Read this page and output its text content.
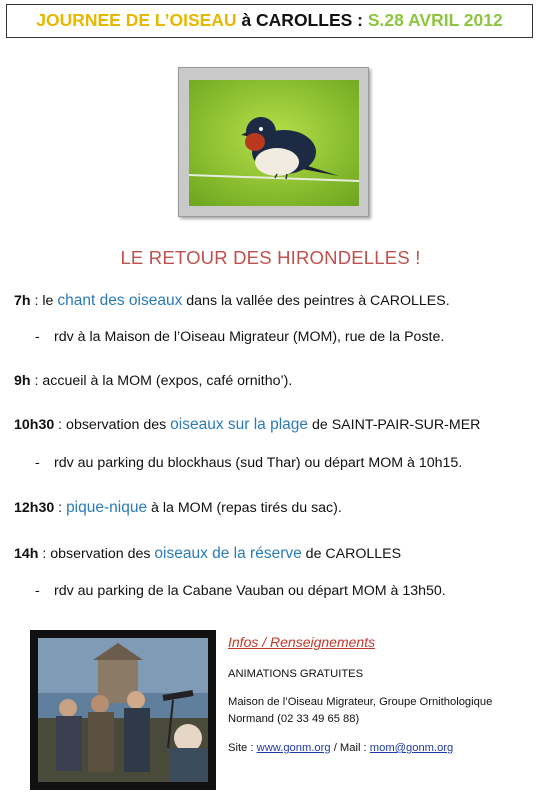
JOURNEE DE L’OISEAU à CAROLLES : S.28 AVRIL 2012
LE RETOUR DES HIRONDELLES !
7h : le chant des oiseaux dans la vallée des peintres à CAROLLES.
- rdv à la Maison de l’Oiseau Migrateur (MOM), rue de la Poste.
9h : accueil à la MOM (expos, café ornitho’).
10h30 : observation des oiseaux sur la plage de SAINT-PAIR-SUR-MER
- rdv au parking du blockhaus (sud Thar) ou départ MOM à 10h15.
12h30 : pique-nique à la MOM (repas tirés du sac).
14h : observation des oiseaux de la réserve de CAROLLES
- rdv au parking de la Cabane Vauban ou départ MOM à 13h50.
Infos / Renseignements
ANIMATIONS GRATUITES
Maison de l’Oiseau Migrateur, Groupe Ornithologique
Normand (02 33 49 65 88)
Site : www.gonm.org / Mail : mom@gonm.org
